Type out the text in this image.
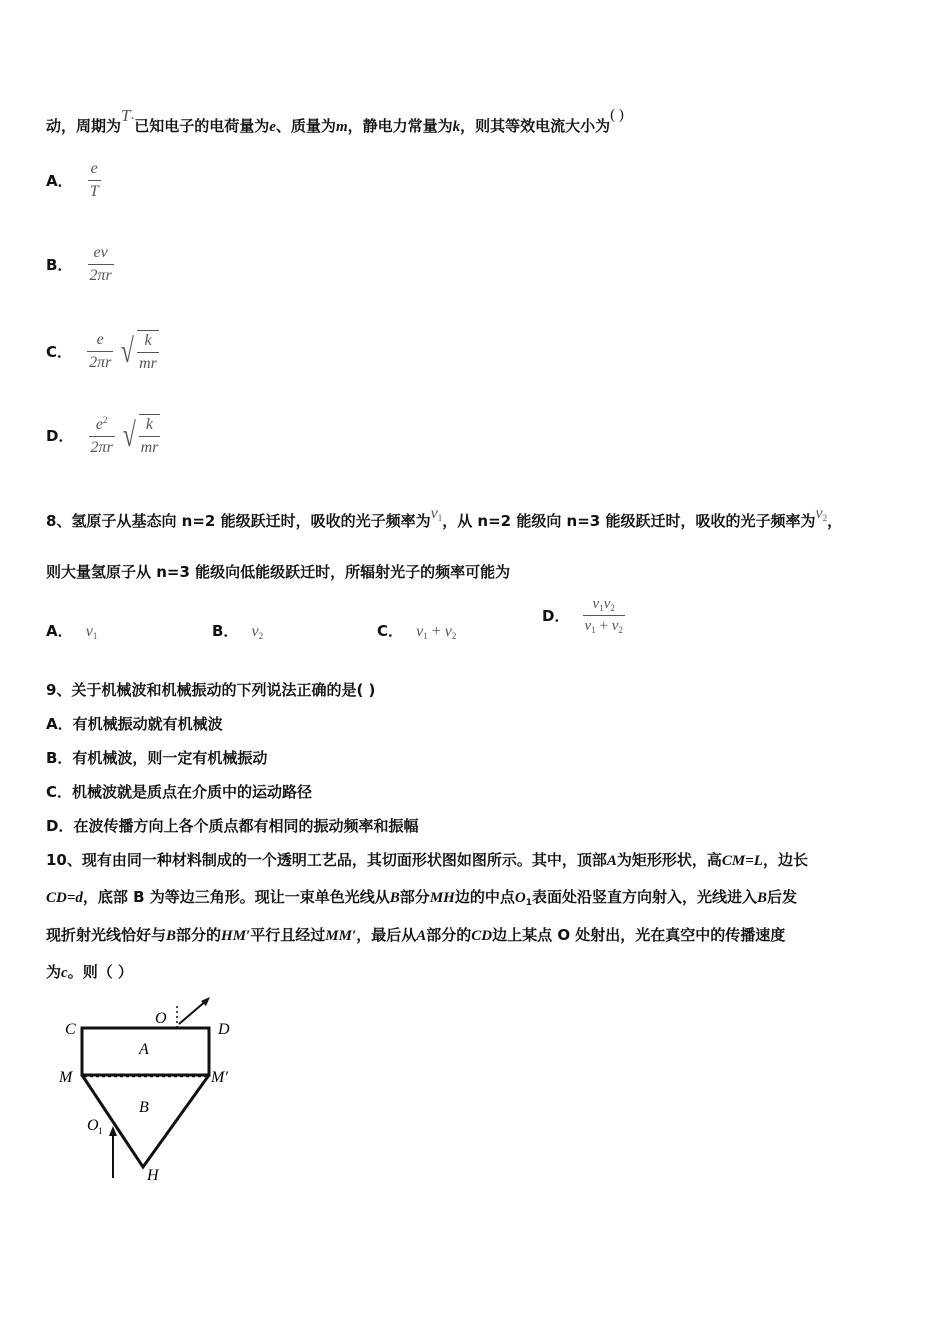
动，周期为T·已知电子的电荷量为e、质量为m，静电力常量为k，则其等效电流大小为( )
A． $\frac{e}{T}$
B． $\frac{ev}{2\pi r}$
C． $\frac{e}{2\pi r}$
√ $\frac{k}{mr}$
D． $\frac{e^2}{2\pi r}$
√ $\frac{k}{mr}$
8、氢原子从基态向 n=2 能级跃迁时，吸收的光子频率为$v_1$，从 n=2 能级向 n=3 能级跃迁时，吸收的光子频率为$v_2$，
则大量氢原子从 n=3 能级向低能级跃迁时，所辐射光子的频率可能为
A． $v_1$	B． $v_2$	C． $v_1 + v_2$
D． $\frac{v_1v_2}{v_1 + v_2}$
9、关于机械波和机械振动的下列说法正确的是( )
A．有机械振动就有机械波
B．有机械波，则一定有机械振动
C．机械波就是质点在介质中的运动路径
D．在波传播方向上各个质点都有相同的振动频率和振幅
10、现有由同一种材料制成的一个透明工艺品，其切面形状图如图所示。其中，顶部A为矩形形状，高CM=L，边长
CD=d，底部 B 为等边三角形。现让一束单色光线从B部分MH边的中点$O_1$表面处沿竖直方向射入，光线进入B后发
现折射光线恰好与B部分的HM′平行且经过MM′，最后从A部分的CD边上某点 O 处射出，光在真空中的传播速度
为c。则（ ）
C	D
O
A
M	M′
B
O 1
H
